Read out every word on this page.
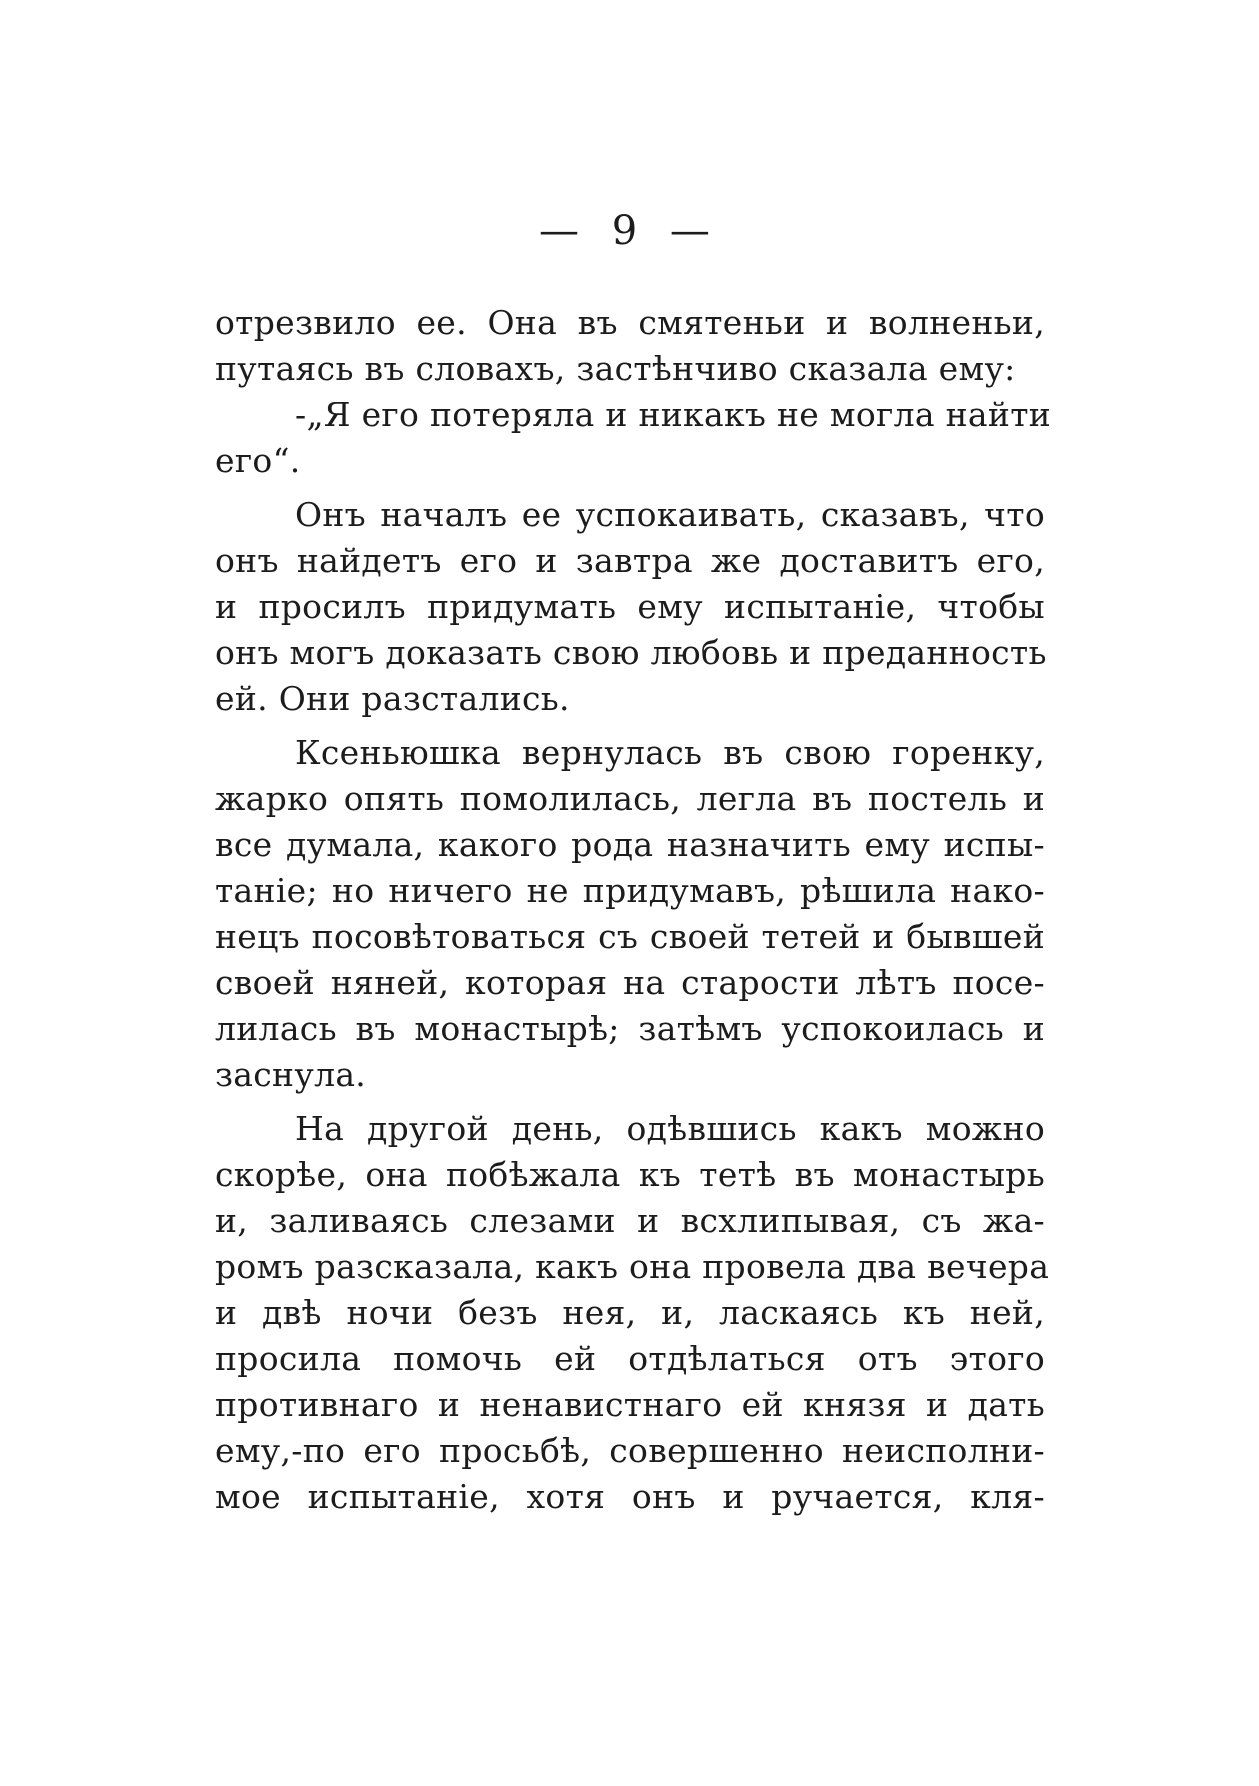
— 9 —
отрезвило ее. Она въ смятеньи и волненьи,
путаясь въ словахъ, застѣнчиво сказала ему:
-„Я его потеряла и никакъ не могла найти
его“.
Онъ началъ ее успокаивать, сказавъ, что
онъ найдетъ его и завтра же доставитъ его,
и просилъ придумать ему испытаніе, чтобы
онъ могъ доказать свою любовь и преданность
ей. Они разстались.
Ксеньюшка вернулась въ свою горенку,
жарко опять помолилась, легла въ постель и
все думала, какого рода назначить ему испы-
таніе; но ничего не придумавъ, рѣшила нако-
нецъ посовѣтоваться съ своей тетей и бывшей
своей няней, которая на старости лѣтъ посе-
лилась въ монастырѣ; затѣмъ успокоилась и
заснула.
На другой день, одѣвшись какъ можно
скорѣе, она побѣжала къ тетѣ въ монастырь
и, заливаясь слезами и всхлипывая, съ жа-
ромъ разсказала, какъ она провела два вечера
и двѣ ночи безъ нея, и, ласкаясь къ ней,
просила помочь ей отдѣлаться отъ этого
противнаго и ненавистнаго ей князя и дать
ему,-по его просьбѣ, совершенно неисполни-
мое испытаніе, хотя онъ и ручается, кля-
